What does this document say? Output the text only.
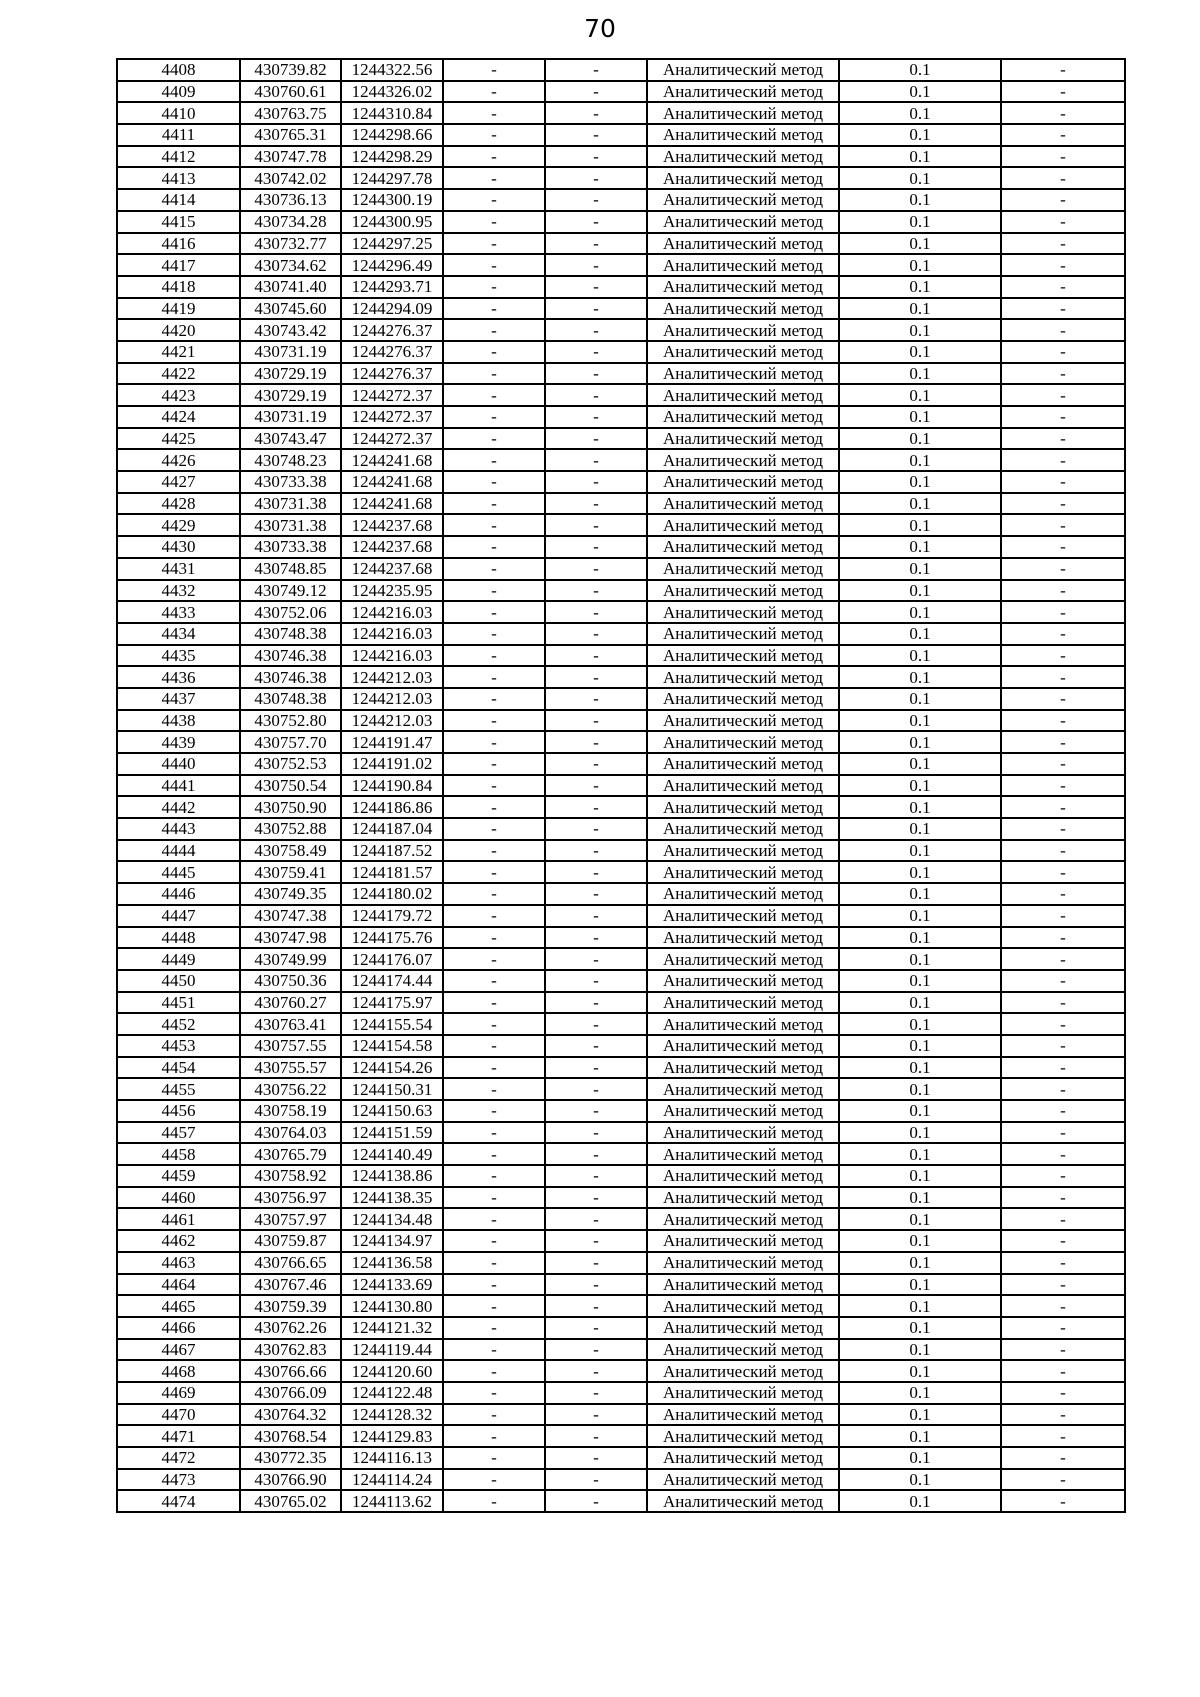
70
4408	430739.82	1244322.56	-	-	Аналитический метод	0.1	-
4409	430760.61	1244326.02	-	-	Аналитический метод	0.1	-
4410	430763.75	1244310.84	-	-	Аналитический метод	0.1	-
4411	430765.31	1244298.66	-	-	Аналитический метод	0.1	-
4412	430747.78	1244298.29	-	-	Аналитический метод	0.1	-
4413	430742.02	1244297.78	-	-	Аналитический метод	0.1	-
4414	430736.13	1244300.19	-	-	Аналитический метод	0.1	-
4415	430734.28	1244300.95	-	-	Аналитический метод	0.1	-
4416	430732.77	1244297.25	-	-	Аналитический метод	0.1	-
4417	430734.62	1244296.49	-	-	Аналитический метод	0.1	-
4418	430741.40	1244293.71	-	-	Аналитический метод	0.1	-
4419	430745.60	1244294.09	-	-	Аналитический метод	0.1	-
4420	430743.42	1244276.37	-	-	Аналитический метод	0.1	-
4421	430731.19	1244276.37	-	-	Аналитический метод	0.1	-
4422	430729.19	1244276.37	-	-	Аналитический метод	0.1	-
4423	430729.19	1244272.37	-	-	Аналитический метод	0.1	-
4424	430731.19	1244272.37	-	-	Аналитический метод	0.1	-
4425	430743.47	1244272.37	-	-	Аналитический метод	0.1	-
4426	430748.23	1244241.68	-	-	Аналитический метод	0.1	-
4427	430733.38	1244241.68	-	-	Аналитический метод	0.1	-
4428	430731.38	1244241.68	-	-	Аналитический метод	0.1	-
4429	430731.38	1244237.68	-	-	Аналитический метод	0.1	-
4430	430733.38	1244237.68	-	-	Аналитический метод	0.1	-
4431	430748.85	1244237.68	-	-	Аналитический метод	0.1	-
4432	430749.12	1244235.95	-	-	Аналитический метод	0.1	-
4433	430752.06	1244216.03	-	-	Аналитический метод	0.1	-
4434	430748.38	1244216.03	-	-	Аналитический метод	0.1	-
4435	430746.38	1244216.03	-	-	Аналитический метод	0.1	-
4436	430746.38	1244212.03	-	-	Аналитический метод	0.1	-
4437	430748.38	1244212.03	-	-	Аналитический метод	0.1	-
4438	430752.80	1244212.03	-	-	Аналитический метод	0.1	-
4439	430757.70	1244191.47	-	-	Аналитический метод	0.1	-
4440	430752.53	1244191.02	-	-	Аналитический метод	0.1	-
4441	430750.54	1244190.84	-	-	Аналитический метод	0.1	-
4442	430750.90	1244186.86	-	-	Аналитический метод	0.1	-
4443	430752.88	1244187.04	-	-	Аналитический метод	0.1	-
4444	430758.49	1244187.52	-	-	Аналитический метод	0.1	-
4445	430759.41	1244181.57	-	-	Аналитический метод	0.1	-
4446	430749.35	1244180.02	-	-	Аналитический метод	0.1	-
4447	430747.38	1244179.72	-	-	Аналитический метод	0.1	-
4448	430747.98	1244175.76	-	-	Аналитический метод	0.1	-
4449	430749.99	1244176.07	-	-	Аналитический метод	0.1	-
4450	430750.36	1244174.44	-	-	Аналитический метод	0.1	-
4451	430760.27	1244175.97	-	-	Аналитический метод	0.1	-
4452	430763.41	1244155.54	-	-	Аналитический метод	0.1	-
4453	430757.55	1244154.58	-	-	Аналитический метод	0.1	-
4454	430755.57	1244154.26	-	-	Аналитический метод	0.1	-
4455	430756.22	1244150.31	-	-	Аналитический метод	0.1	-
4456	430758.19	1244150.63	-	-	Аналитический метод	0.1	-
4457	430764.03	1244151.59	-	-	Аналитический метод	0.1	-
4458	430765.79	1244140.49	-	-	Аналитический метод	0.1	-
4459	430758.92	1244138.86	-	-	Аналитический метод	0.1	-
4460	430756.97	1244138.35	-	-	Аналитический метод	0.1	-
4461	430757.97	1244134.48	-	-	Аналитический метод	0.1	-
4462	430759.87	1244134.97	-	-	Аналитический метод	0.1	-
4463	430766.65	1244136.58	-	-	Аналитический метод	0.1	-
4464	430767.46	1244133.69	-	-	Аналитический метод	0.1	-
4465	430759.39	1244130.80	-	-	Аналитический метод	0.1	-
4466	430762.26	1244121.32	-	-	Аналитический метод	0.1	-
4467	430762.83	1244119.44	-	-	Аналитический метод	0.1	-
4468	430766.66	1244120.60	-	-	Аналитический метод	0.1	-
4469	430766.09	1244122.48	-	-	Аналитический метод	0.1	-
4470	430764.32	1244128.32	-	-	Аналитический метод	0.1	-
4471	430768.54	1244129.83	-	-	Аналитический метод	0.1	-
4472	430772.35	1244116.13	-	-	Аналитический метод	0.1	-
4473	430766.90	1244114.24	-	-	Аналитический метод	0.1	-
4474	430765.02	1244113.62	-	-	Аналитический метод	0.1	-
